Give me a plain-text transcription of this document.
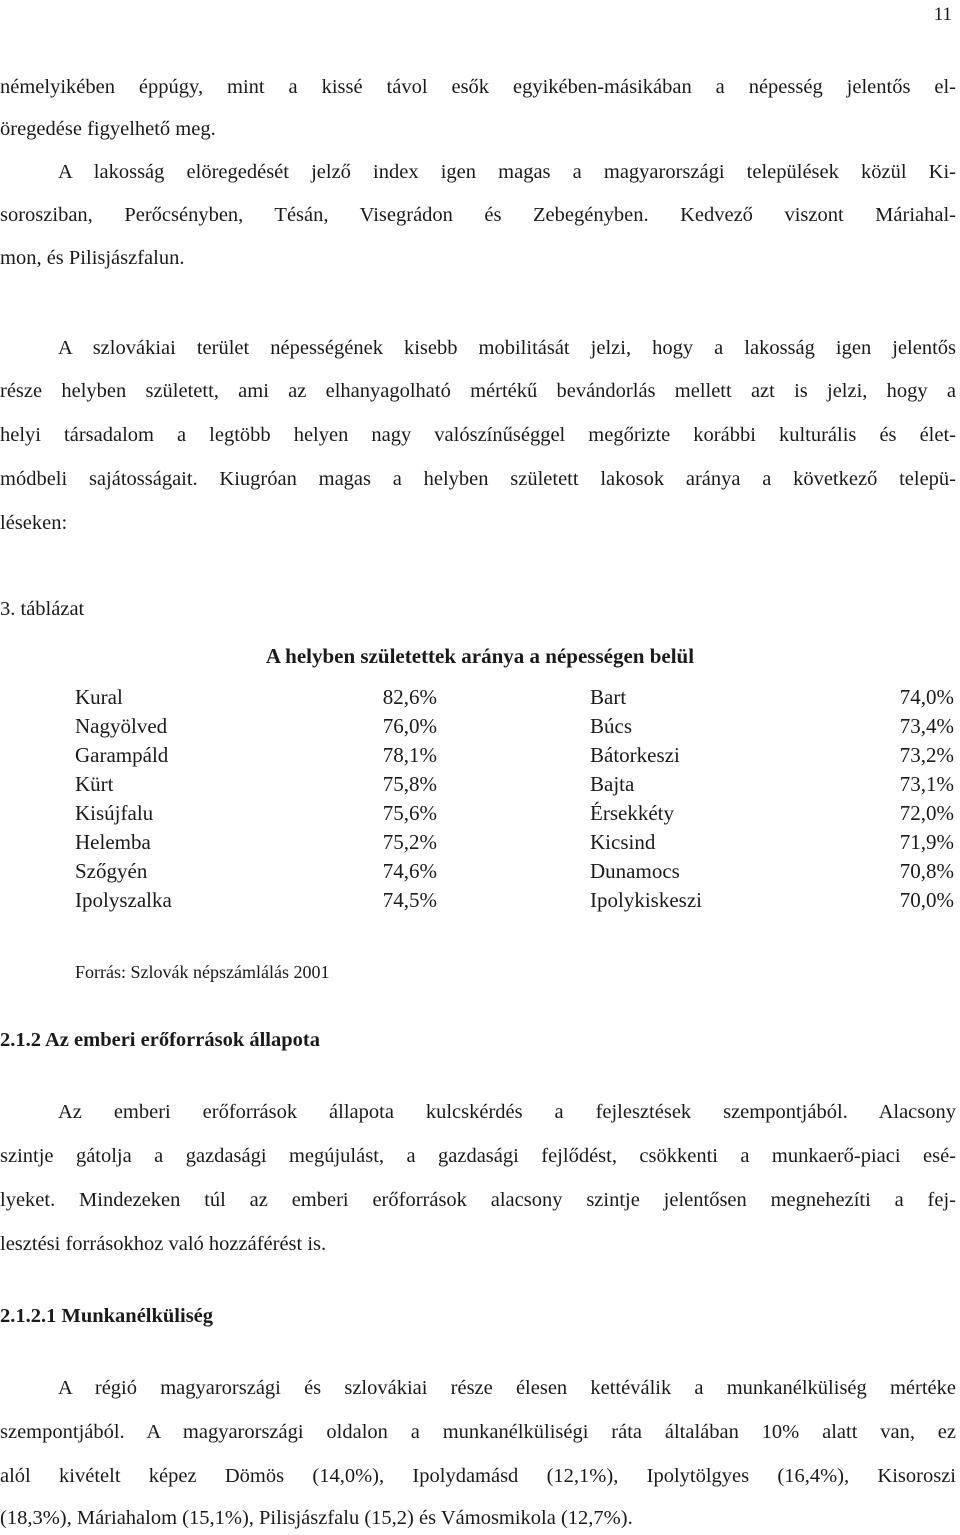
11
némelyikében éppúgy, mint a kissé távol esők egyikében-másikában a népesség jelentős el-
öregedése figyelhető meg.
A lakosság elöregedését jelző index igen magas a magyarországi települések közül Ki-
sorosziban, Perőcsényben, Tésán, Visegrádon és Zebegényben. Kedvező viszont Máriahal-
mon, és Pilisjászfalun.
A szlovákiai terület népességének kisebb mobilitását jelzi, hogy a lakosság igen jelentős
része helyben született, ami az elhanyagolható mértékű bevándorlás mellett azt is jelzi, hogy a
helyi társadalom a legtöbb helyen nagy valószínűséggel megőrizte korábbi kulturális és élet-
módbeli sajátosságait. Kiugróan magas a helyben született lakosok aránya a következő telepü-
léseken:
3. táblázat
A helyben születettek aránya a népességen belül
Kural	82,6%	Bart	74,0%
Nagyölved	76,0%	Búcs	73,4%
Garampáld	78,1%	Bátorkeszi	73,2%
Kürt	75,8%	Bajta	73,1%
Kisújfalu	75,6%	Érsekkéty	72,0%
Helemba	75,2%	Kicsind	71,9%
Szőgyén	74,6%	Dunamocs	70,8%
Ipolyszalka	74,5%	Ipolykiskeszi	70,0%
Forrás: Szlovák népszámlálás 2001
2.1.2 Az emberi erőforrások állapota
Az emberi erőforrások állapota kulcskérdés a fejlesztések szempontjából. Alacsony
szintje gátolja a gazdasági megújulást, a gazdasági fejlődést, csökkenti a munkaerő-piaci esé-
lyeket. Mindezeken túl az emberi erőforrások alacsony szintje jelentősen megnehezíti a fej-
lesztési forrásokhoz való hozzáférést is.
2.1.2.1 Munkanélküliség
A régió magyarországi és szlovákiai része élesen kettéválik a munkanélküliség mértéke
szempontjából. A magyarországi oldalon a munkanélküliségi ráta általában 10% alatt van, ez
alól kivételt képez Dömös (14,0%), Ipolydamásd (12,1%), Ipolytölgyes (16,4%), Kisoroszi
(18,3%), Máriahalom (15,1%), Pilisjászfalu (15,2) és Vámosmikola (12,7%).
